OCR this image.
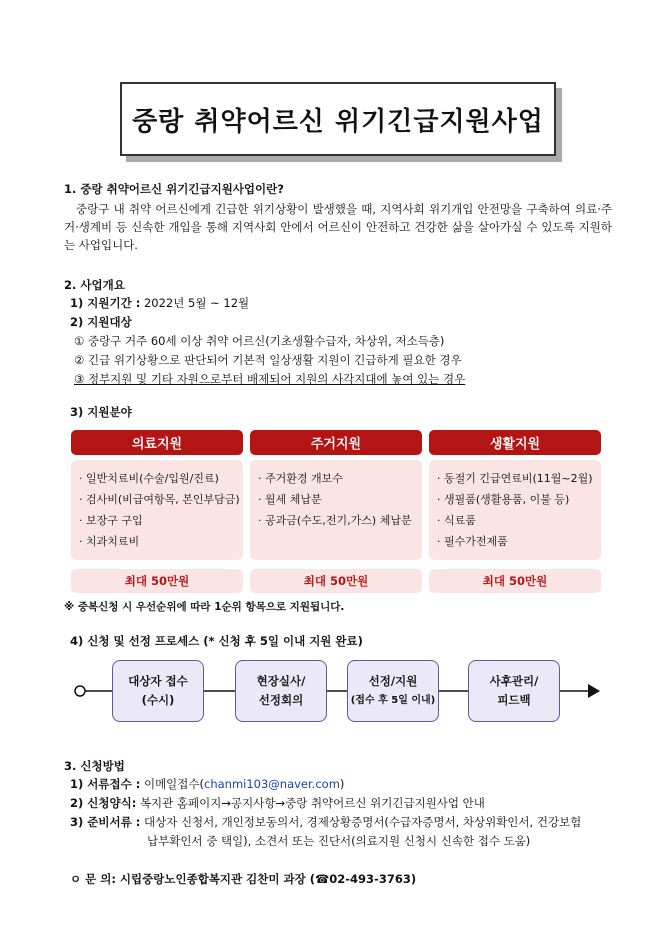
중랑 취약어르신 위기긴급지원사업
1. 중랑 취약어르신 위기긴급지원사업이란?
중랑구 내 취약 어르신에게 긴급한 위기상황이 발생했을 때, 지역사회 위기개입 안전망을 구축하여 의료·주거·생계비 등 신속한 개입을 통해 지역사회 안에서 어르신이 안전하고 건강한 삶을 살아가실 수 있도록 지원하는 사업입니다.
2. 사업개요
1) 지원기간 : 2022년 5월 ~ 12월
2) 지원대상
① 중랑구 거주 60세 이상 취약 어르신(기초생활수급자, 차상위, 저소득층)
② 긴급 위기상황으로 판단되어 기본적 일상생활 지원이 긴급하게 필요한 경우
③ 정부지원 및 기타 자원으로부터 배제되어 지원의 사각지대에 놓여 있는 경우
3) 지원분야
의료지원
· 일반치료비(수술/입원/진료)
· 검사비(비급여항목, 본인부담금)
· 보장구 구입
· 치과치료비
최대 50만원
주거지원
· 주거환경 개보수
· 월세 체납분
· 공과금(수도,전기,가스) 체납분
최대 50만원
생활지원
· 동절기 긴급연료비(11월~2월)
· 생필품(생활용품, 이불 등)
· 식료품
· 필수가전제품
최대 50만원
※ 중복신청 시 우선순위에 따라 1순위 항목으로 지원됩니다.
4) 신청 및 선정 프로세스 (* 신청 후 5일 이내 지원 완료)
대상자 접수
(수시)
현장실사/
선정회의
선정/지원
(접수 후 5일 이내)
사후관리/
피드백
3. 신청방법
1) 서류접수 : 이메일접수(chanmi103@naver.com)
2) 신청양식: 복지관 홈페이지→공지사항→중랑 취약어르신 위기긴급지원사업 안내
3) 준비서류 : 대상자 신청서, 개인정보동의서, 경제상황증명서(수급자증명서, 차상위확인서, 건강보험
납부확인서 중 택일), 소견서 또는 진단서(의료지원 신청시 신속한 접수 도움)
ㅇ 문 의: 시립중랑노인종합복지관 김찬미 과장 (☎02-493-3763)
